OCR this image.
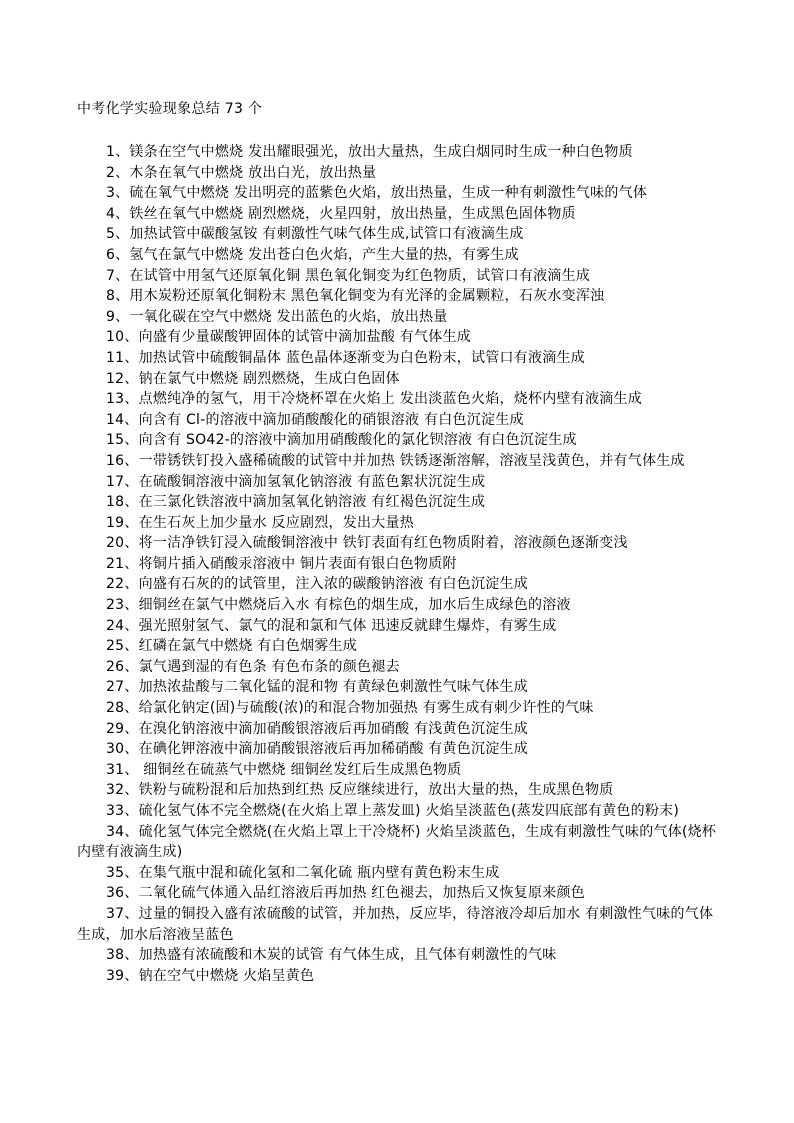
中考化学实验现象总结 73 个
1、镁条在空气中燃烧 发出耀眼强光，放出大量热，生成白烟同时生成一种白色物质
2、木条在氧气中燃烧 放出白光，放出热量
3、硫在氧气中燃烧 发出明亮的蓝紫色火焰，放出热量，生成一种有刺激性气味的气体
4、铁丝在氧气中燃烧 剧烈燃烧，火星四射，放出热量，生成黑色固体物质
5、加热试管中碳酸氢铵 有刺激性气味气体生成,试管口有液滴生成
6、氢气在氯气中燃烧 发出苍白色火焰，产生大量的热，有雾生成
7、在试管中用氢气还原氧化铜 黑色氧化铜变为红色物质，试管口有液滴生成
8、用木炭粉还原氧化铜粉末 黑色氧化铜变为有光泽的金属颗粒，石灰水变浑浊
9、一氧化碳在空气中燃烧 发出蓝色的火焰，放出热量
10、向盛有少量碳酸钾固体的试管中滴加盐酸 有气体生成
11、加热试管中硫酸铜晶体 蓝色晶体逐渐变为白色粉末，试管口有液滴生成
12、钠在氯气中燃烧 剧烈燃烧，生成白色固体
13、点燃纯净的氢气，用干冷烧杯罩在火焰上 发出淡蓝色火焰，烧杯内壁有液滴生成
14、向含有 Cl-的溶液中滴加硝酸酸化的硝银溶液 有白色沉淀生成
15、向含有 SO42-的溶液中滴加用硝酸酸化的氯化钡溶液 有白色沉淀生成
16、一带锈铁钉投入盛稀硫酸的试管中并加热 铁锈逐渐溶解，溶液呈浅黄色，并有气体生成
17、在硫酸铜溶液中滴加氢氧化钠溶液 有蓝色絮状沉淀生成
18、在三氯化铁溶液中滴加氢氧化钠溶液 有红褐色沉淀生成
19、在生石灰上加少量水 反应剧烈，发出大量热
20、将一洁净铁钉浸入硫酸铜溶液中 铁钉表面有红色物质附着，溶液颜色逐渐变浅
21、将铜片插入硝酸汞溶液中 铜片表面有银白色物质附
22、向盛有石灰的的试管里，注入浓的碳酸钠溶液 有白色沉淀生成
23、细铜丝在氯气中燃烧后入水 有棕色的烟生成，加水后生成绿色的溶液
24、强光照射氢气、氯气的混和氯和气体 迅速反就肆生爆炸，有雾生成
25、红磷在氯气中燃烧 有白色烟雾生成
26、氯气遇到湿的有色条 有色布条的颜色褪去
27、加热浓盐酸与二氧化锰的混和物 有黄绿色刺激性气味气体生成
28、给氯化钠定(固)与硫酸(浓)的和混合物加强热 有雾生成有刺少许性的气味
29、在溴化钠溶液中滴加硝酸银溶液后再加硝酸 有浅黄色沉淀生成
30、在碘化钾溶液中滴加硝酸银溶液后再加稀硝酸 有黄色沉淀生成
31、 细铜丝在硫蒸气中燃烧 细铜丝发红后生成黑色物质
32、铁粉与硫粉混和后加热到红热 反应继续进行，放出大量的热，生成黑色物质
33、硫化氢气体不完全燃烧(在火焰上罩上蒸发皿) 火焰呈淡蓝色(蒸发四底部有黄色的粉末)
34、硫化氢气体完全燃烧(在火焰上罩上干冷烧杯) 火焰呈淡蓝色，生成有刺激性气味的气体(烧杯内壁有液滴生成)
35、在集气瓶中混和硫化氢和二氧化硫 瓶内壁有黄色粉末生成
36、二氧化硫气体通入品红溶液后再加热 红色褪去，加热后又恢复原来颜色
37、过量的铜投入盛有浓硫酸的试管，并加热，反应毕，待溶液冷却后加水 有刺激性气味的气体生成，加水后溶液呈蓝色
38、加热盛有浓硫酸和木炭的试管 有气体生成，且气体有刺激性的气味
39、钠在空气中燃烧 火焰呈黄色
